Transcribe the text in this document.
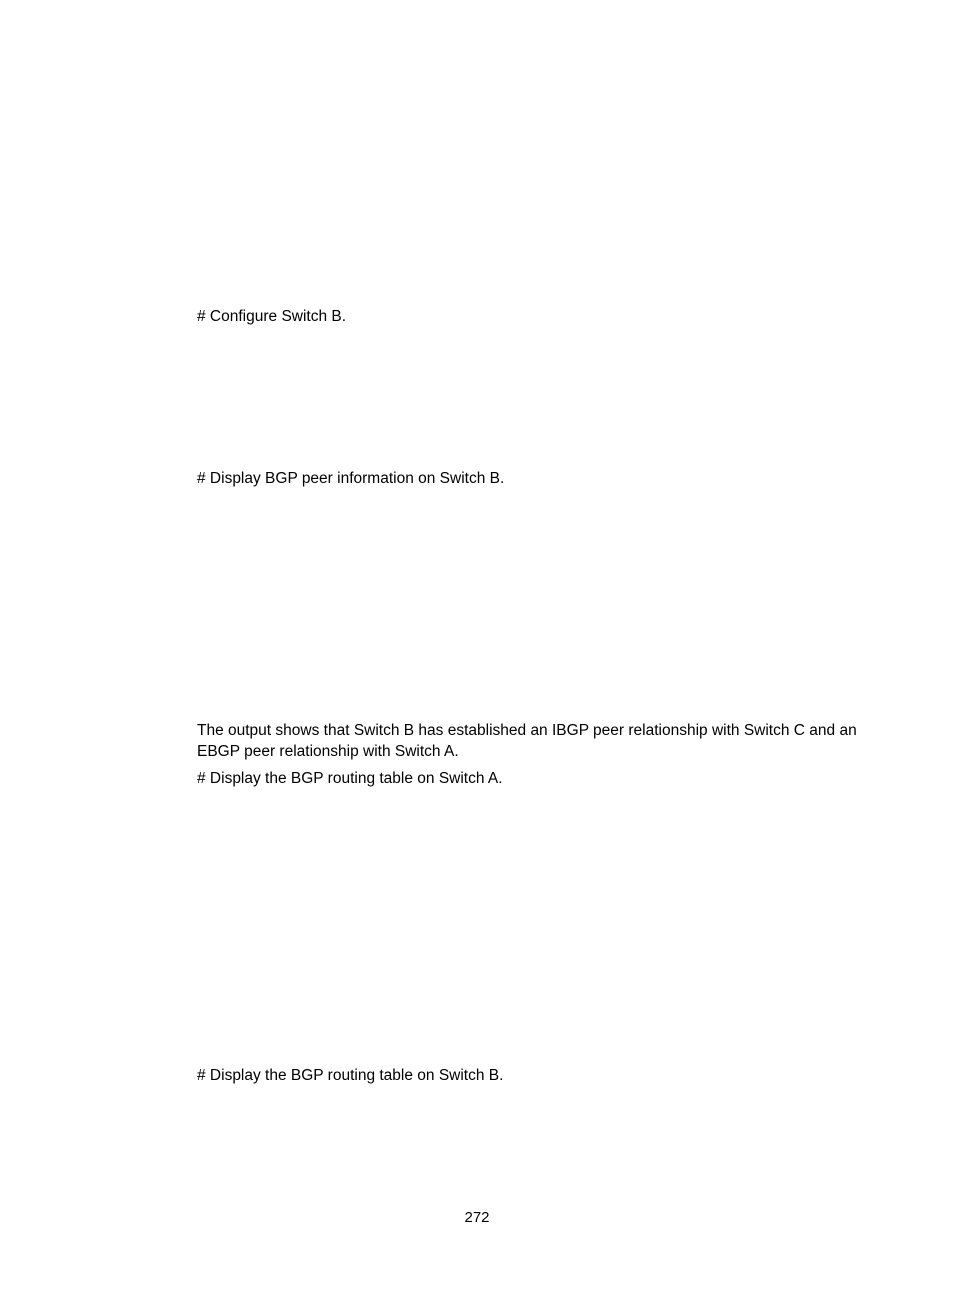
# Configure Switch B.

# Display BGP peer information on Switch B.

The output shows that Switch B has established an IBGP peer relationship with Switch C and an EBGP peer relationship with Switch A.

# Display the BGP routing table on Switch A.

# Display the BGP routing table on Switch B.

272
